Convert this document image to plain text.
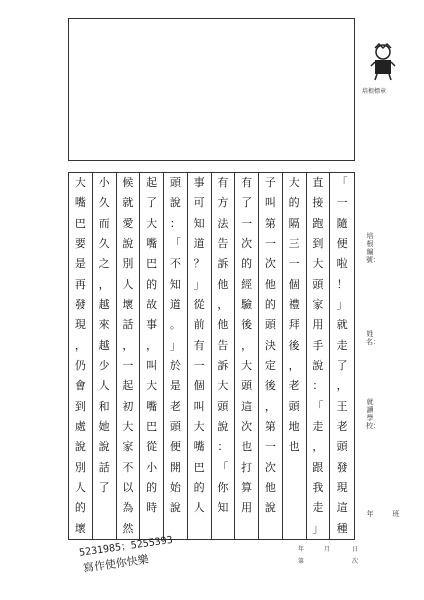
培根標章
大
嘴
巴
要
是
再
發
現
，
仍
會
到
處
說
別
人
的
壞
小
久
而
久
之
，
越
來
越
少
人
和
她
說
話
了
候
就
愛
說
別
人
壞
話
，
一
起
初
大
家
不
以
為
然
起
了
大
嘴
巴
的
故
事
，
叫
大
嘴
巴
從
小
的
時
頭
說
：
「
不
知
道
。
」
於
是
老
頭
便
開
始
說
事
可
知
道
？
」
從
前
有
一
個
叫
大
嘴
巴
的
人
有
方
法
告
訴
他
，
他
告
訴
大
頭
說
：
「
你
知
有
了
一
次
的
經
驗
後
，
大
頭
這
次
也
打
算
用
子
叫
第
一
次
他
的
頭
決
定
後
，
第
一
次
他
說
大
的
隔
三
一
個
禮
拜
後
，
老
頭
地
也
直
接
跑
到
大
頭
家
用
手
說
：
「
走
，
跟
我
走
」
「
一
隨
便
啦
！
」
就
走
了
，
王
老
頭
發
現
這
種
培根編號：
姓名：
就讀學校：
年	班
5231985；5255393
寫作使你快樂
年
第
月	日
次
